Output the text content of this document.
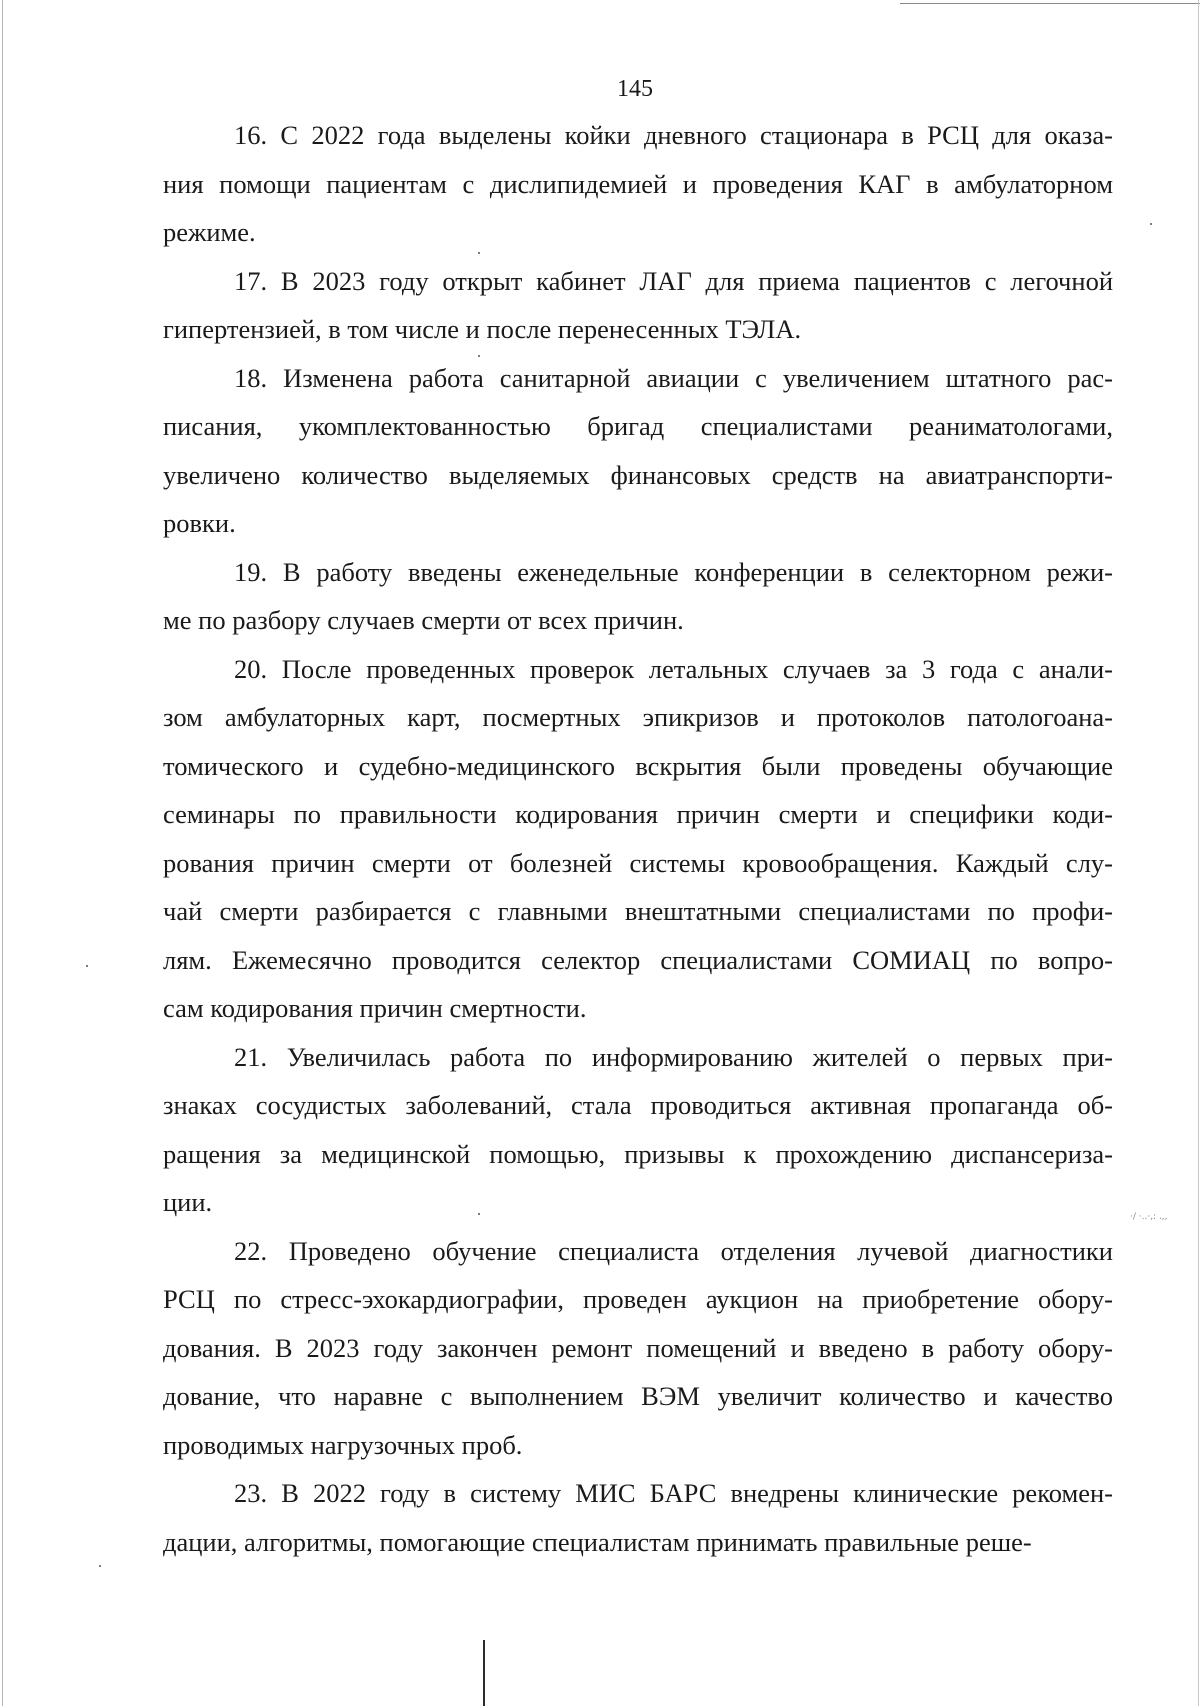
145
16. С 2022 года выделены койки дневного стационара в РСЦ для оказа-
ния помощи пациентам с дислипидемией и проведения КАГ в амбулаторном
режиме.
17. В 2023 году открыт кабинет ЛАГ для приема пациентов с легочной
гипертензией, в том числе и после перенесенных ТЭЛА.
18. Изменена работа санитарной авиации с увеличением штатного рас-
писания, укомплектованностью бригад специалистами реаниматологами,
увеличено количество выделяемых финансовых средств на авиатранспорти-
ровки.
19. В работу введены еженедельные конференции в селекторном режи-
ме по разбору случаев смерти от всех причин.
20. После проведенных проверок летальных случаев за 3 года с анали-
зом амбулаторных карт, посмертных эпикризов и протоколов патологоана-
томического и судебно-медицинского вскрытия были проведены обучающие
семинары по правильности кодирования причин смерти и специфики коди-
рования причин смерти от болезней системы кровообращения. Каждый слу-
чай смерти разбирается с главными внештатными специалистами по профи-
лям. Ежемесячно проводится селектор специалистами СОМИАЦ по вопро-
сам кодирования причин смертности.
21. Увеличилась работа по информированию жителей о первых при-
знаках сосудистых заболеваний, стала проводиться активная пропаганда об-
ращения за медицинской помощью, призывы к прохождению диспансериза-
ции.
22. Проведено обучение специалиста отделения лучевой диагностики
РСЦ по стресс-эхокардиографии, проведен аукцион на приобретение обору-
дования. В 2023 году закончен ремонт помещений и введено в работу обору-
дование, что наравне с выполнением ВЭМ увеличит количество и качество
проводимых нагрузочных проб.
23. В 2022 году в систему МИС БАРС внедрены клинические рекомен-
дации, алгоритмы, помогающие специалистам принимать правильные реше-
·/ ·..·,: .,,
